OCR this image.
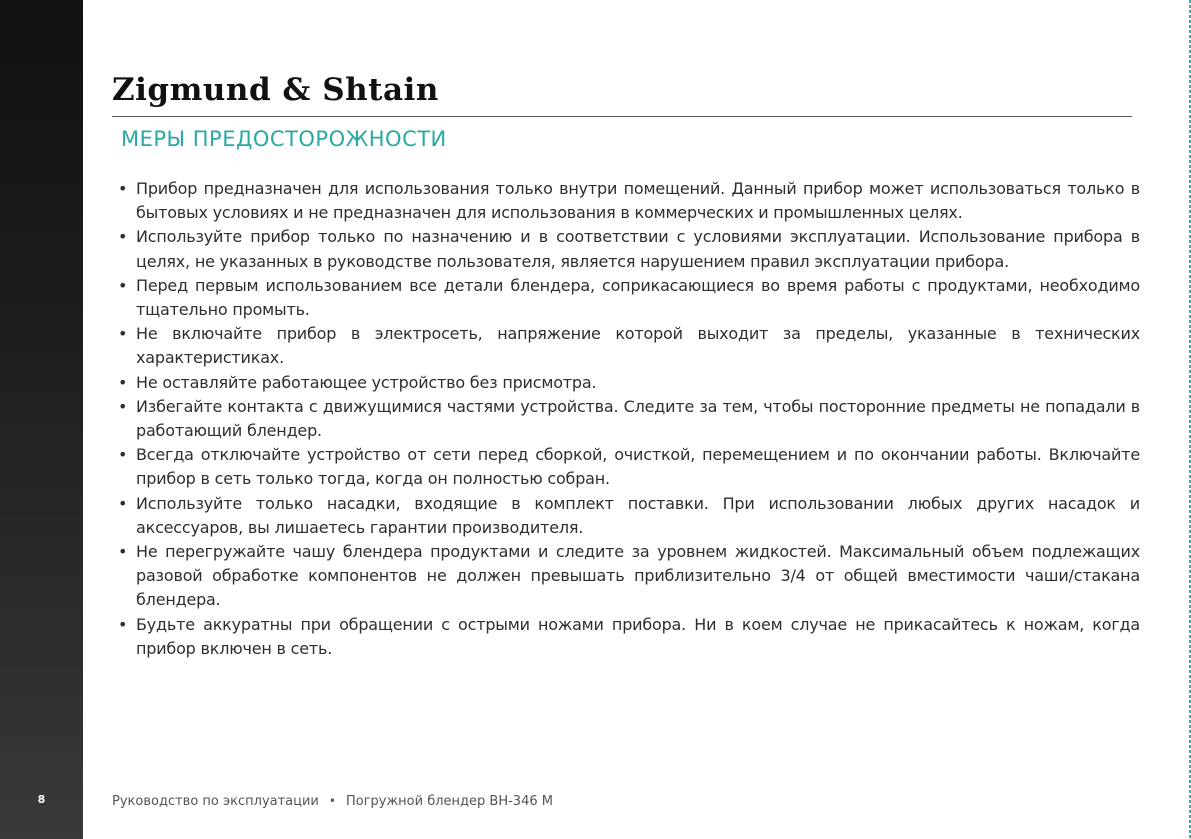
8
Zigmund & Shtain
МЕРЫ ПРЕДОСТОРОЖНОСТИ
• Прибор предназначен для использования только внутри помещений. Данный прибор может использоваться только в бытовых условиях и не предназначен для использования в коммерческих и промышленных целях.
• Используйте прибор только по назначению и в соответствии с условиями эксплуатации. Использование прибора в целях, не указанных в руководстве пользователя, является нарушением правил эксплуатации прибора.
• Перед первым использованием все детали блендера, соприкасающиеся во время работы с продуктами, необходимо тщательно промыть.
• Не включайте прибор в электросеть, напряжение которой выходит за пределы, указанные в технических характеристиках.
• Не оставляйте работающее устройство без присмотра.
• Избегайте контакта с движущимися частями устройства. Следите за тем, чтобы посторонние предметы не попадали в работающий блендер.
• Всегда отключайте устройство от сети перед сборкой, очисткой, перемещением и по окончании работы. Включайте прибор в сеть только тогда, когда он полностью собран.
• Используйте только насадки, входящие в комплект поставки. При использовании любых других насадок и аксессуаров, вы лишаетесь гарантии производителя.
• Не перегружайте чашу блендера продуктами и следите за уровнем жидкостей. Максимальный объем подлежащих разовой обработке компонентов не должен превышать приблизительно 3/4 от общей вместимости чаши/стакана блендера.
• Будьте аккуратны при обращении с острыми ножами прибора. Ни в коем случае не прикасайтесь к ножам, когда прибор включен в сеть.
Руководство по эксплуатации • Погружной блендер BH-346 M
